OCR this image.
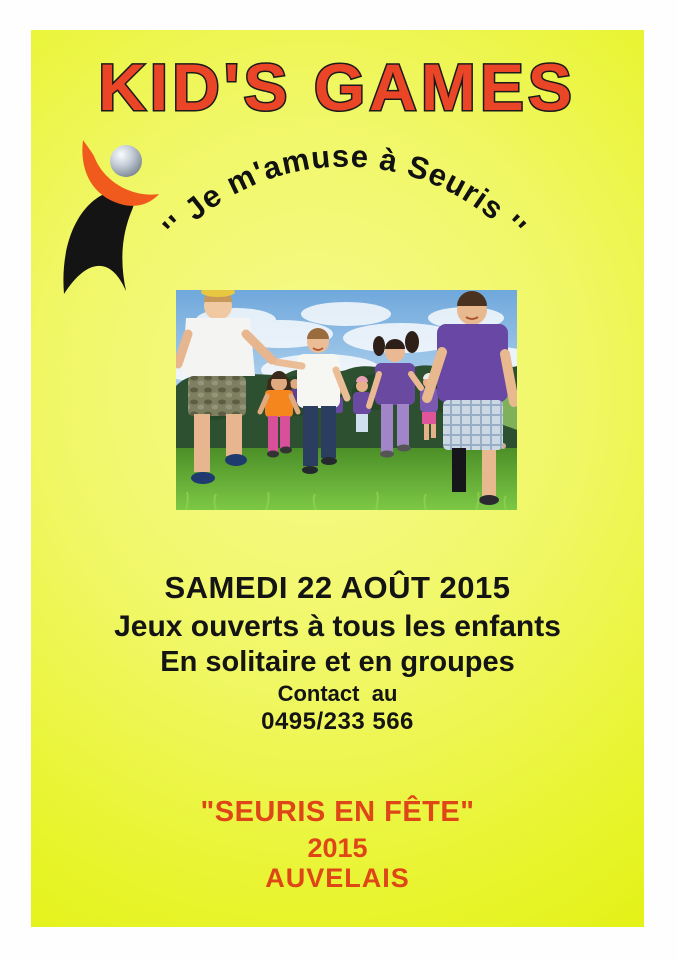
KID'S GAMES
'' Je m'amuse à Seuris ''
SAMEDI 22 AOÛT 2015
Jeux ouverts à tous les enfants
En solitaire et en groupes
Contact  au
0495/233 566
"SEURIS EN FÊTE"
2015
AUVELAIS
